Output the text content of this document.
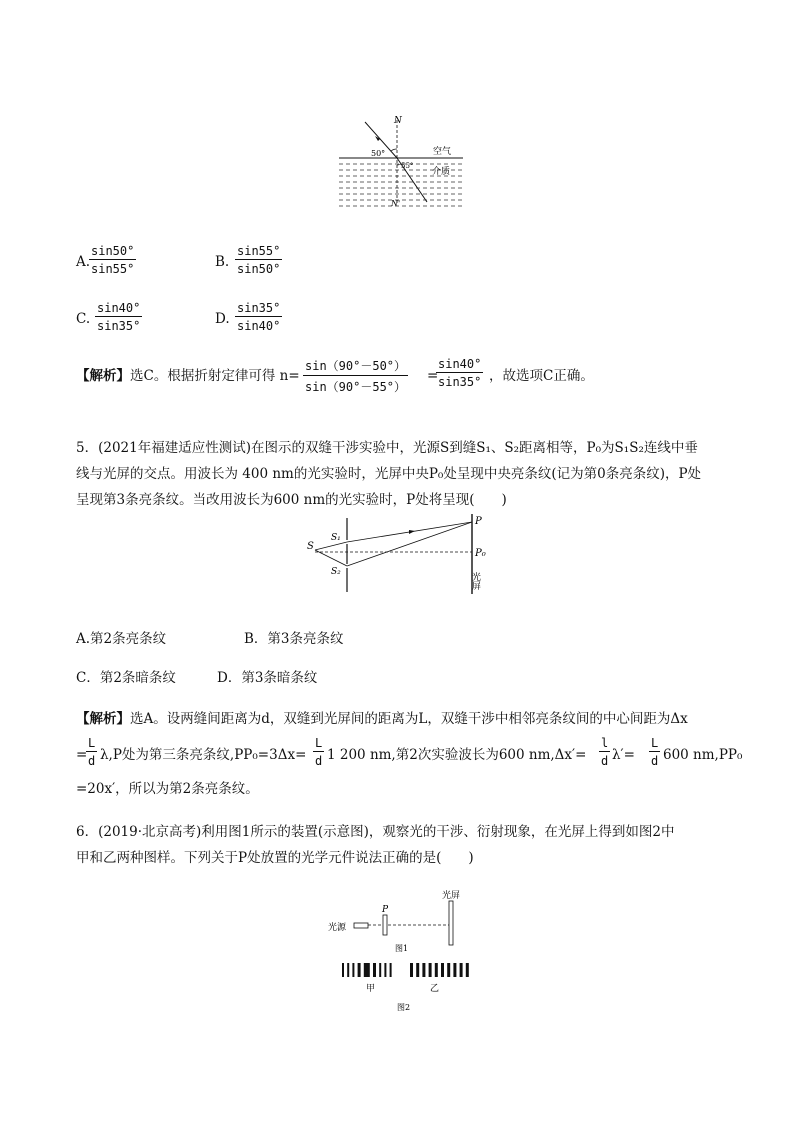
N
N'
50°
55°
空气
介质
A.
$\frac{\sin 50^\circ}{\sin 55^\circ}$	B. $\frac{\sin 55^\circ}{\sin 50^\circ}$
C. $\frac{\sin 40^\circ}{\sin 35^\circ}$	D. $\frac{\sin 35^\circ}{\sin 40^\circ}$
【解析】选C。根据折射定律可得 $n= \frac{\sin(90^\circ-50^\circ)}{\sin(90^\circ-55^\circ)}$ =
$\frac{\sin 40^\circ}{\sin 35^\circ}$ ，故选项C正确。
5．(2021年福建适应性测试)在图示的双缝干涉实验中，光源S到缝S₁、S₂距离相等，P₀为S₁S₂连线中垂
线与光屏的交点。用波长为 400 nm的光实验时，光屏中央P₀处呈现中央亮条纹(记为第0条亮条纹)，P处
呈现第3条亮条纹。当改用波长为600 nm的光实验时，P处将呈现(　　)
S
S₁
S₂
P
P₀
光屏
A.第2条亮条纹	B．第3条亮条纹
C．第2条暗条纹	D．第3条暗条纹
【解析】选A。设两缝间距离为d，双缝到光屏间的距离为L，双缝干涉中相邻亮条纹间的中心间距为Δx
=
$\frac{L}{d} \lambda,P$处为第三条亮条纹$,PP_0=3\Delta x= \frac{L}{d} 1$ 200 nm,第2次实验波长为600 $nm,\Delta x'= \frac{l}{d} \lambda'= \frac{L}{d} 600$ nm,PP₀
=20x′，所以为第2条亮条纹。
6．(2019·北京高考)利用图1所示的装置(示意图)，观察光的干涉、衍射现象，在光屏上得到如图2中
甲和乙两种图样。下列关于P处放置的光学元件说法正确的是(　　)
光源
P
光屏
图1
甲	乙
图2
